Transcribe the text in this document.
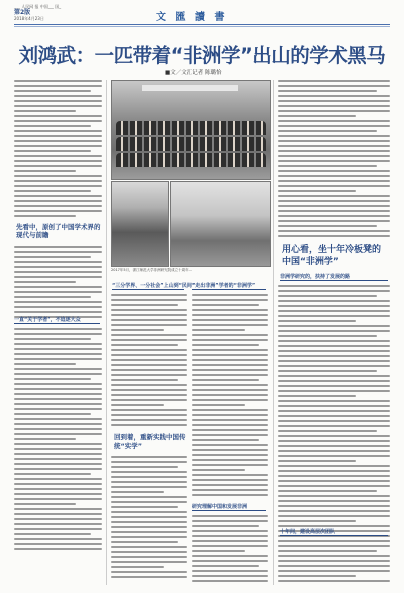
___ 人民网 报 中国___ 国_
第2版
2018年4月23日	文 匯 讀 書
刘鸿武：一匹带着“非洲学”出山的学术黑马
■文／文汇记者 陈璐怡
先看中，原创了中国学术界的现代与前瞻
一直“关于学者”，不追逐大众
2017年5月，浙江师范大学非洲研究院成立十周年…
“三分学界、一分社会”上山到“民间”
“走出非洲”学者的“非洲学”
回到着，重新实践中国传统“实学”
研究理解中国和发展非洲
用心看，坐十年冷板凳的中国“非洲学”
非洲学研究的，扶持了发展的路
十年间，建设高层次团队
